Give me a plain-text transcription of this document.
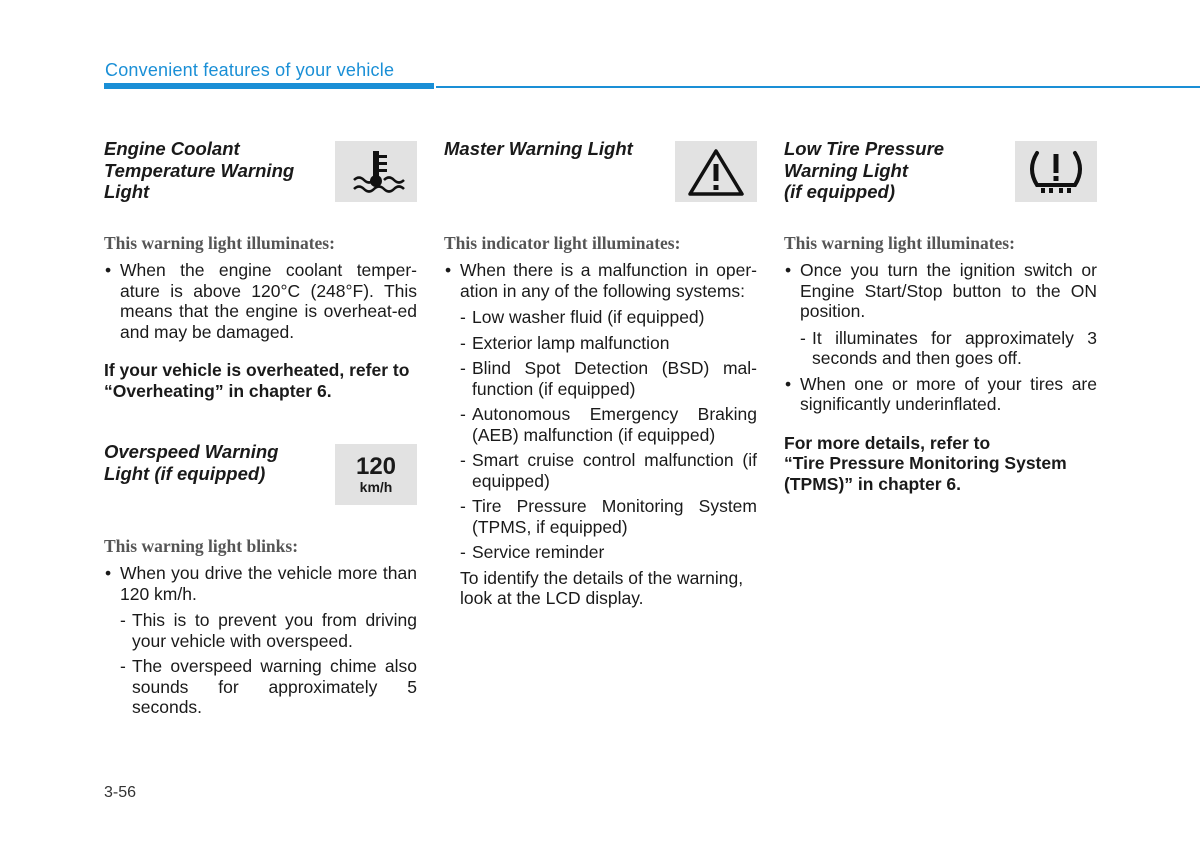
Convenient features of your vehicle
Engine Coolant Temperature Warning Light
This warning light illuminates:
• When the engine coolant temper-ature is above 120°C (248°F). This means that the engine is overheat-ed and may be damaged.
If your vehicle is overheated, refer to “Overheating” in chapter 6.
Overspeed Warning Light (if equipped)	120
km/h
This warning light blinks:
• When you drive the vehicle more than 120 km/h.
- This is to prevent you from driving your vehicle with overspeed.
- The overspeed warning chime also sounds for approximately 5 seconds.
Master Warning Light
This indicator light illuminates:
• When there is a malfunction in oper-ation in any of the following systems:
- Low washer fluid (if equipped)
- Exterior lamp malfunction
- Blind Spot Detection (BSD) mal-function (if equipped)
- Autonomous Emergency Braking (AEB) malfunction (if equipped)
- Smart cruise control malfunction (if equipped)
- Tire Pressure Monitoring System (TPMS, if equipped)
- Service reminder
To identify the details of the warning, look at the LCD display.
Low Tire Pressure
Warning Light
(if equipped)
This warning light illuminates:
• Once you turn the ignition switch or Engine Start/Stop button to the ON position.
- It illuminates for approximately 3 seconds and then goes off.
• When one or more of your tires are significantly underinflated.
For more details, refer to
“Tire Pressure Monitoring System (TPMS)” in chapter 6.
3-56
